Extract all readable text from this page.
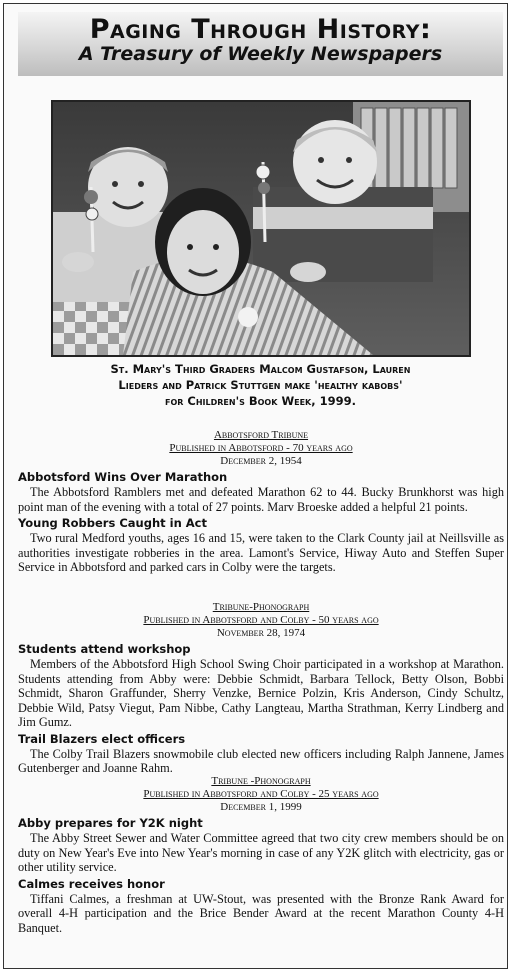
Paging Through History:
A Treasury of Weekly Newspapers
St. Mary's Third Graders Malcom Gustafson, Lauren
Lieders and Patrick Stuttgen make 'healthy kabobs'
for Children's Book Week, 1999.
Abbotsford Tribune
Published in Abbotsford - 70 years ago
December 2, 1954
Abbotsford Wins Over Marathon
The Abbotsford Ramblers met and defeated Marathon 62 to 44. Bucky Brunkhorst was high point man of the evening with a total of 27 points. Marv Broeske added a helpful 21 points.
Young Robbers Caught in Act
Two rural Medford youths, ages 16 and 15, were taken to the Clark County jail at Neillsville as authorities investigate robberies in the area. Lamont's Service, Hiway Auto and Steffen Super Service in Abbotsford and parked cars in Colby were the targets.
Tribune-Phonograph
Published in Abbotsford and Colby - 50 years ago
November 28, 1974
Students attend workshop
Members of the Abbotsford High School Swing Choir participated in a workshop at Marathon. Students attending from Abby were: Debbie Schmidt, Barbara Tellock, Betty Olson, Bobbi Schmidt, Sharon Graffunder, Sherry Venzke, Bernice Polzin, Kris Anderson, Cindy Schultz, Debbie Wild, Patsy Viegut, Pam Nibbe, Cathy Langteau, Martha Strathman, Kerry Lindberg and Jim Gumz.
Trail Blazers elect officers
The Colby Trail Blazers snowmobile club elected new officers including Ralph Jannene, James Gutenberger and Joanne Rahm.
Tribune -Phonograph
Published in Abbotsford and Colby - 25 years ago
December 1, 1999
Abby prepares for Y2K night
The Abby Street Sewer and Water Committee agreed that two city crew members should be on duty on New Year's Eve into New Year's morning in case of any Y2K glitch with electricity, gas or other utility service.
Calmes receives honor
Tiffani Calmes, a freshman at UW-Stout, was presented with the Bronze Rank Award for overall 4-H participation and the Brice Bender Award at the recent Marathon County 4-H Banquet.
